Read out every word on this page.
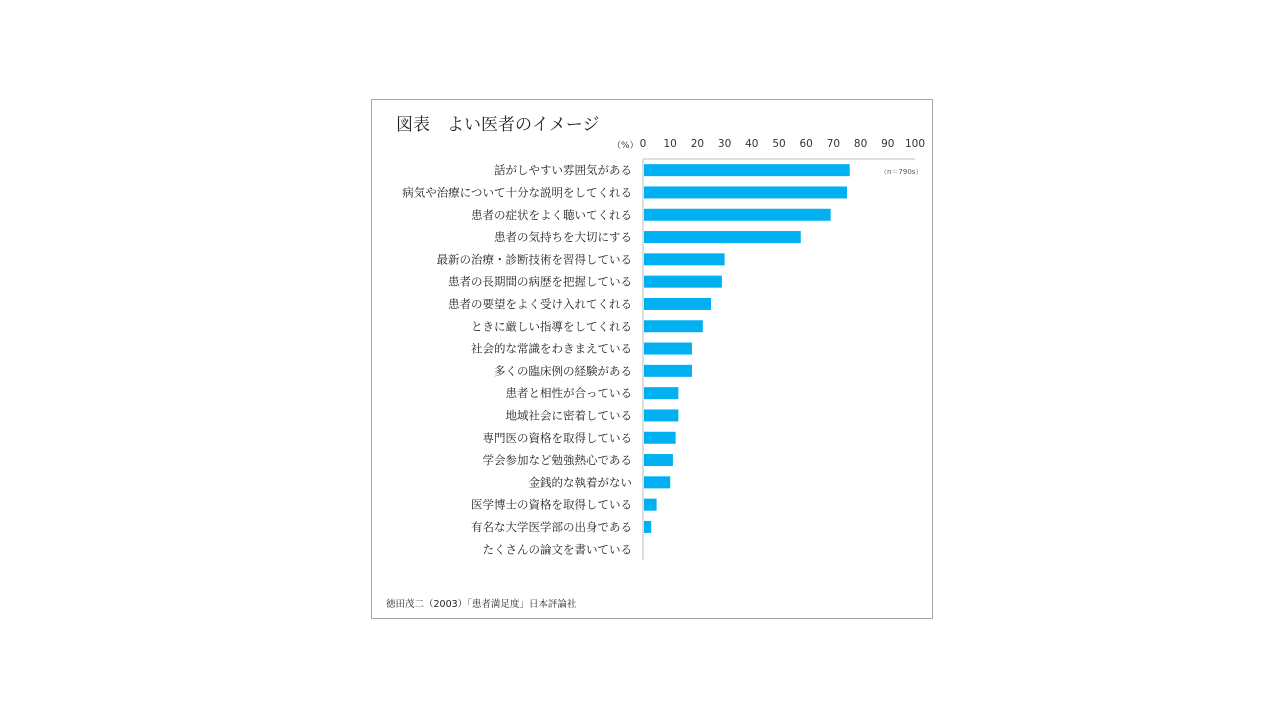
図表　よい医者のイメージ
（%）
（n＝790s）
0 10 20 30 40 50 60 70 80 90 100
話がしやすい雰囲気がある
病気や治療について十分な説明をしてくれる
患者の症状をよく聴いてくれる
患者の気持ちを大切にする
最新の治療・診断技術を習得している
患者の長期間の病歴を把握している
患者の要望をよく受け入れてくれる
ときに厳しい指導をしてくれる
社会的な常識をわきまえている
多くの臨床例の経験がある
患者と相性が合っている
地域社会に密着している
専門医の資格を取得している
学会参加など勉強熱心である
金銭的な執着がない
医学博士の資格を取得している
有名な大学医学部の出身である
たくさんの論文を書いている
徳田茂二（2003）「患者満足度」日本評論社
